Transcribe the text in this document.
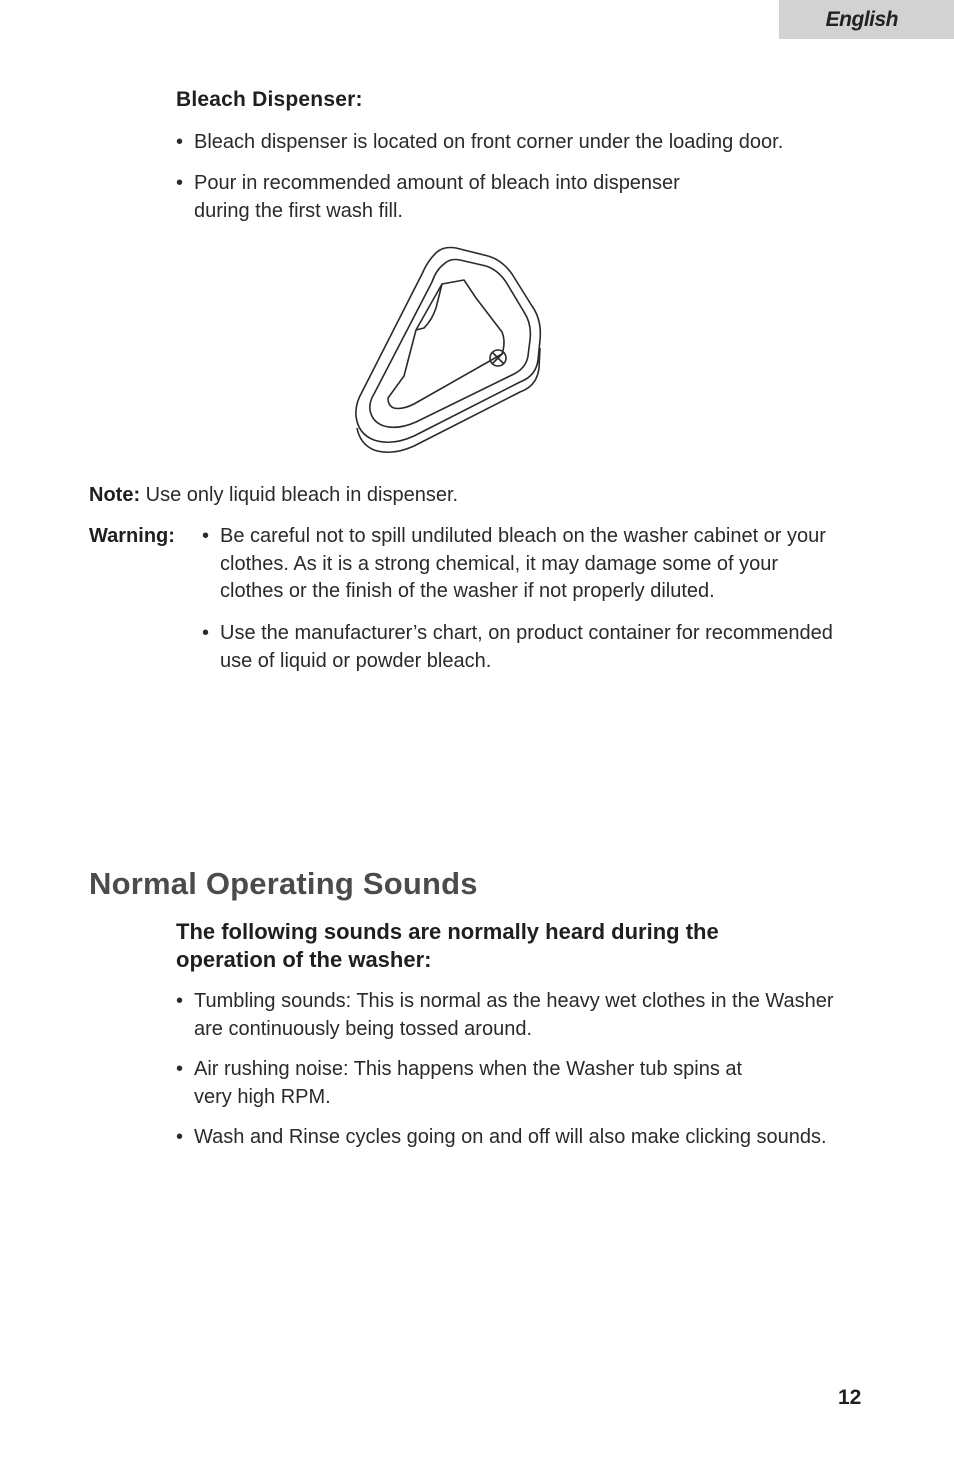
English
Bleach Dispenser:
• Bleach dispenser is located on front corner under the loading door.
• Pour in recommended amount of bleach into dispenser
during the first wash fill.

Note: Use only liquid bleach in dispenser.

Warning: • Be careful not to spill undiluted bleach on the washer cabinet or your
clothes. As it is a strong chemical, it may damage some of your
clothes or the finish of the washer if not properly diluted.
• Use the manufacturer’s chart, on product container for recommended
use of liquid or powder bleach.
Normal Operating Sounds
The following sounds are normally heard during the
operation of the washer:
• Tumbling sounds: This is normal as the heavy wet clothes in the Washer
are continuously being tossed around.
• Air rushing noise: This happens when the Washer tub spins at
very high RPM.
• Wash and Rinse cycles going on and off will also make clicking sounds.
12
